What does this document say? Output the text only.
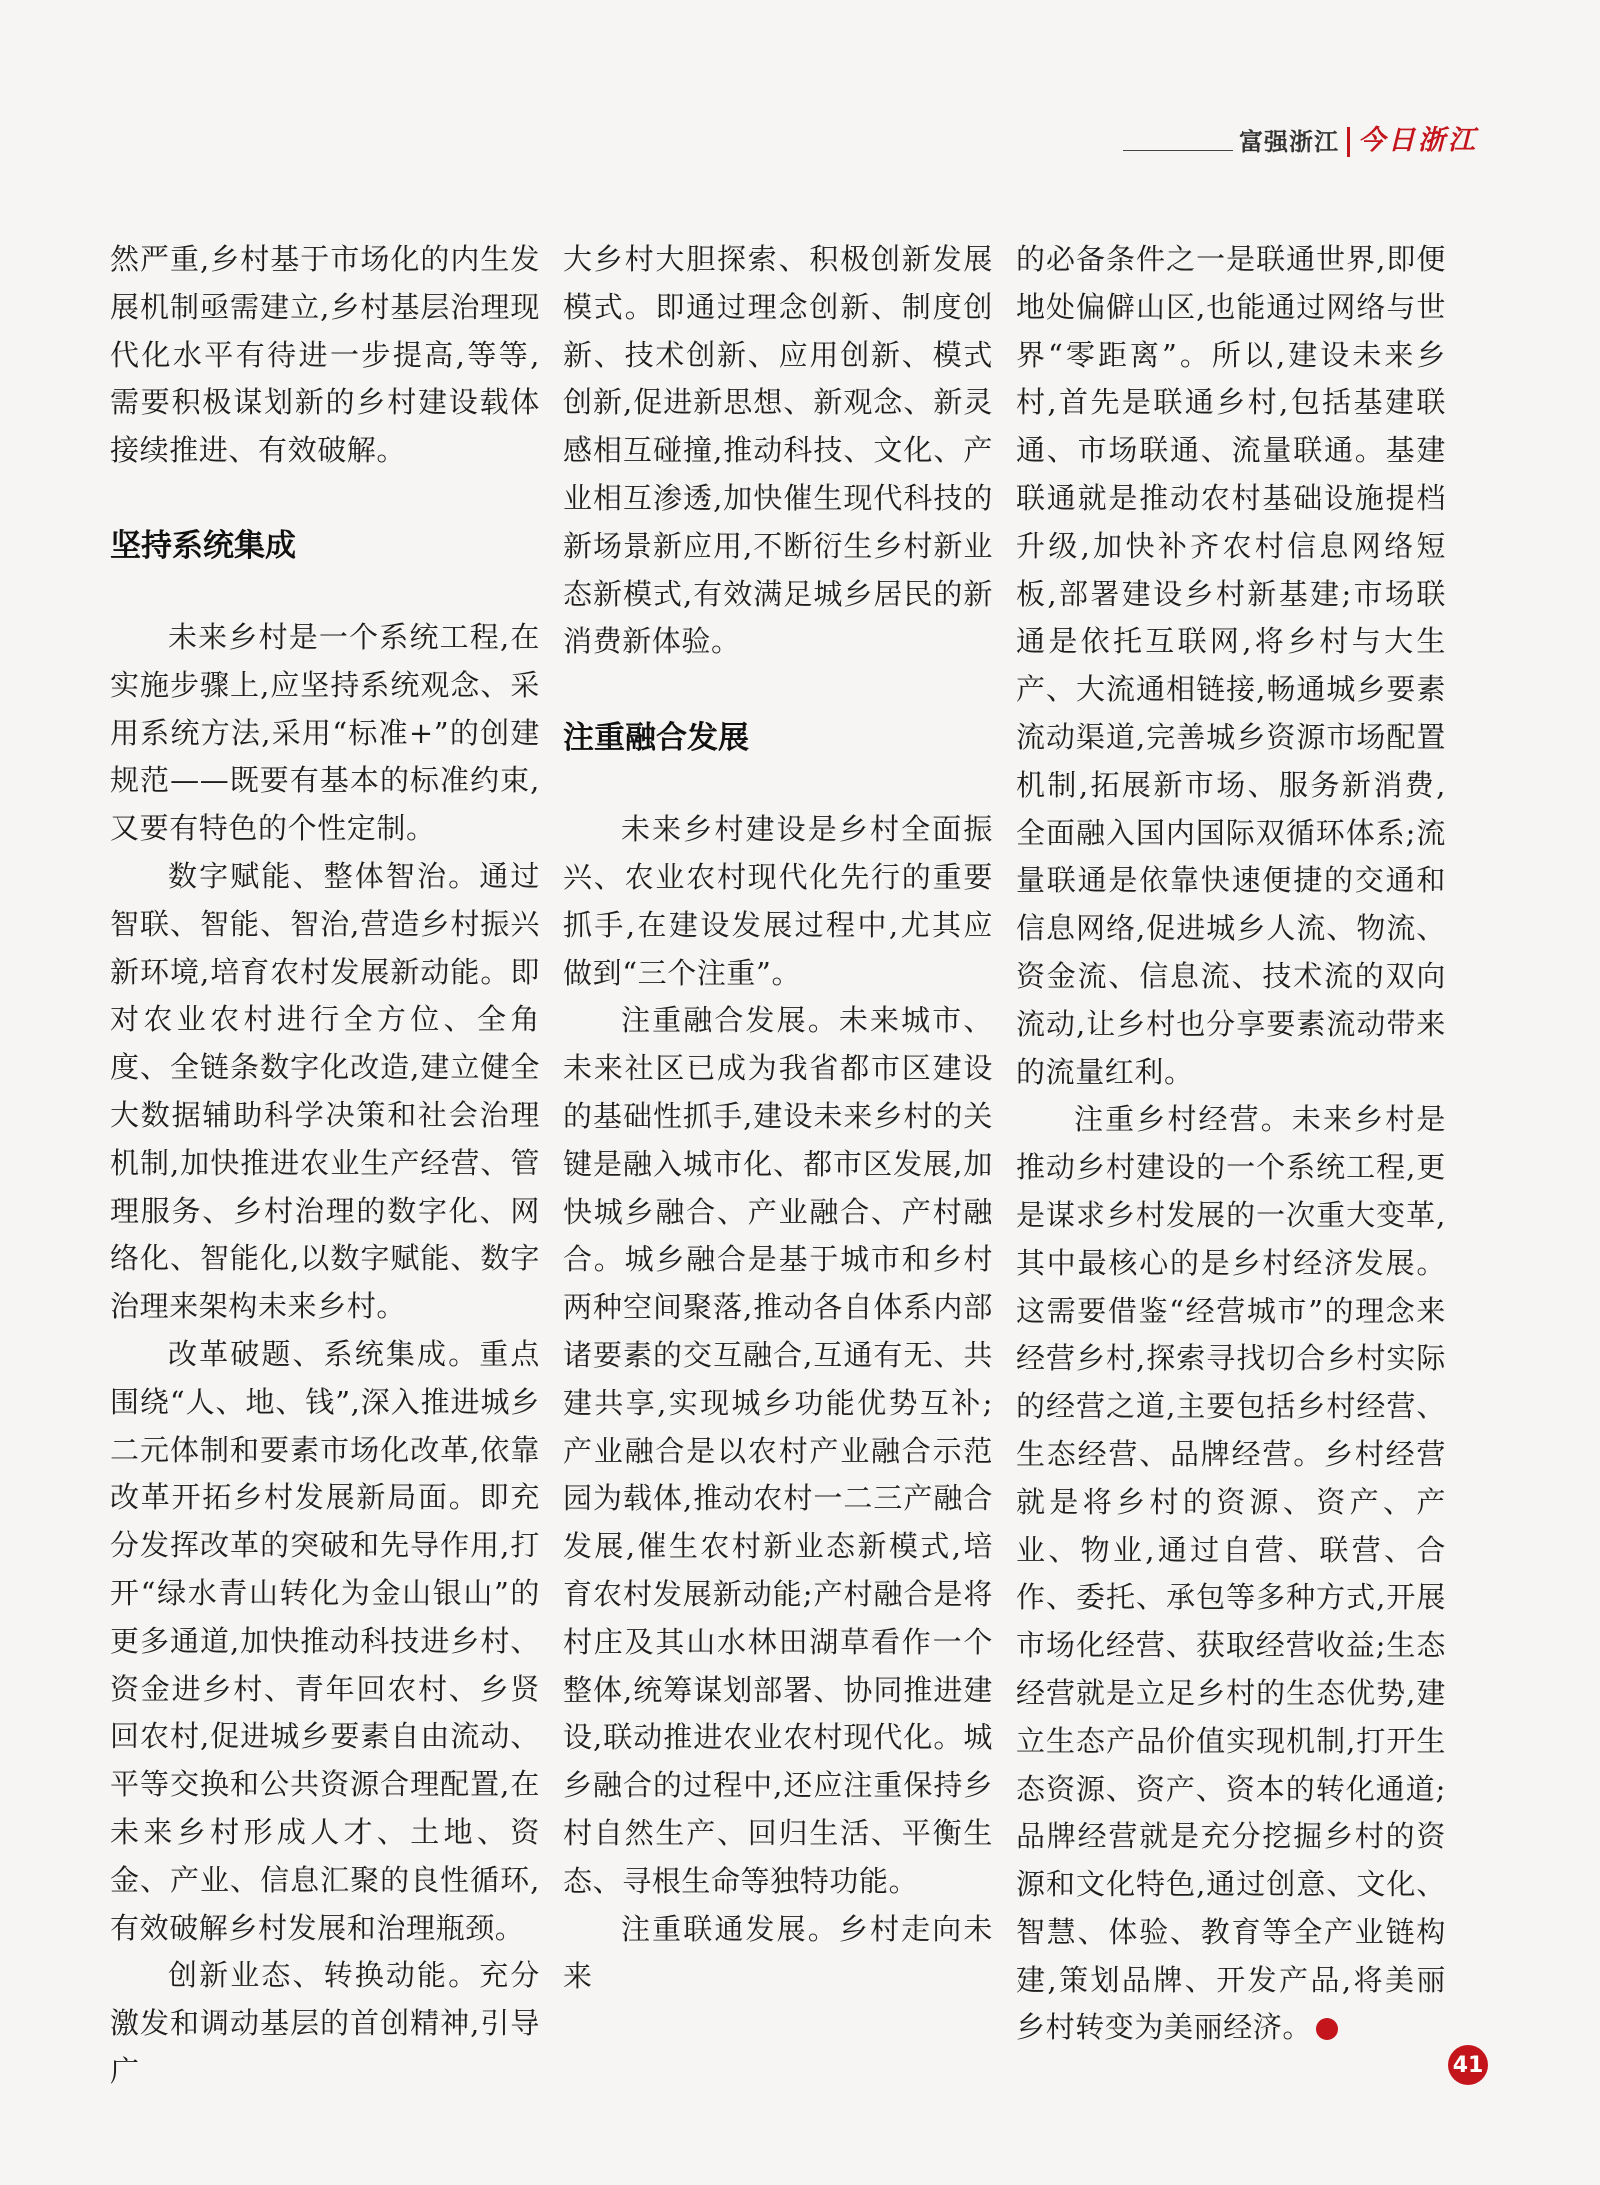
富强浙江 今日浙江

然严重,乡村基于市场化的内生发展机制亟需建立,乡村基层治理现代化水平有待进一步提高,等等,需要积极谋划新的乡村建设载体接续推进、有效破解。

坚持系统集成

未来乡村是一个系统工程,在实施步骤上,应坚持系统观念、采用系统方法,采用“标准+”的创建规范——既要有基本的标准约束,又要有特色的个性定制。

数字赋能、整体智治。通过智联、智能、智治,营造乡村振兴新环境,培育农村发展新动能。即对农业农村进行全方位、全角度、全链条数字化改造,建立健全大数据辅助科学决策和社会治理机制,加快推进农业生产经营、管理服务、乡村治理的数字化、网络化、智能化,以数字赋能、数字治理来架构未来乡村。

改革破题、系统集成。重点围绕“人、地、钱”,深入推进城乡二元体制和要素市场化改革,依靠改革开拓乡村发展新局面。即充分发挥改革的突破和先导作用,打开“绿水青山转化为金山银山”的更多通道,加快推动科技进乡村、资金进乡村、青年回农村、乡贤回农村,促进城乡要素自由流动、平等交换和公共资源合理配置,在未来乡村形成人才、土地、资金、产业、信息汇聚的良性循环,有效破解乡村发展和治理瓶颈。

创新业态、转换动能。充分激发和调动基层的首创精神,引导广

大乡村大胆探索、积极创新发展模式。即通过理念创新、制度创新、技术创新、应用创新、模式创新,促进新思想、新观念、新灵感相互碰撞,推动科技、文化、产业相互渗透,加快催生现代科技的新场景新应用,不断衍生乡村新业态新模式,有效满足城乡居民的新消费新体验。

注重融合发展

未来乡村建设是乡村全面振兴、农业农村现代化先行的重要抓手,在建设发展过程中,尤其应做到“三个注重”。

注重融合发展。未来城市、未来社区已成为我省都市区建设的基础性抓手,建设未来乡村的关键是融入城市化、都市区发展,加快城乡融合、产业融合、产村融合。城乡融合是基于城市和乡村两种空间聚落,推动各自体系内部诸要素的交互融合,互通有无、共建共享,实现城乡功能优势互补;产业融合是以农村产业融合示范园为载体,推动农村一二三产融合发展,催生农村新业态新模式,培育农村发展新动能;产村融合是将村庄及其山水林田湖草看作一个整体,统筹谋划部署、协同推进建设,联动推进农业农村现代化。城乡融合的过程中,还应注重保持乡村自然生产、回归生活、平衡生态、寻根生命等独特功能。

注重联通发展。乡村走向未来

的必备条件之一是联通世界,即便地处偏僻山区,也能通过网络与世界“零距离”。所以,建设未来乡村,首先是联通乡村,包括基建联通、市场联通、流量联通。基建联通就是推动农村基础设施提档升级,加快补齐农村信息网络短板,部署建设乡村新基建;市场联通是依托互联网,将乡村与大生产、大流通相链接,畅通城乡要素流动渠道,完善城乡资源市场配置机制,拓展新市场、服务新消费,全面融入国内国际双循环体系;流量联通是依靠快速便捷的交通和信息网络,促进城乡人流、物流、资金流、信息流、技术流的双向流动,让乡村也分享要素流动带来的流量红利。

注重乡村经营。未来乡村是推动乡村建设的一个系统工程,更是谋求乡村发展的一次重大变革,其中最核心的是乡村经济发展。这需要借鉴“经营城市”的理念来经营乡村,探索寻找切合乡村实际的经营之道,主要包括乡村经营、生态经营、品牌经营。乡村经营就是将乡村的资源、资产、产业、物业,通过自营、联营、合作、委托、承包等多种方式,开展市场化经营、获取经营收益;生态经营就是立足乡村的生态优势,建立生态产品价值实现机制,打开生态资源、资产、资本的转化通道;品牌经营就是充分挖掘乡村的资源和文化特色,通过创意、文化、智慧、体验、教育等全产业链构建,策划品牌、开发产品,将美丽乡村转变为美丽经济。

41
